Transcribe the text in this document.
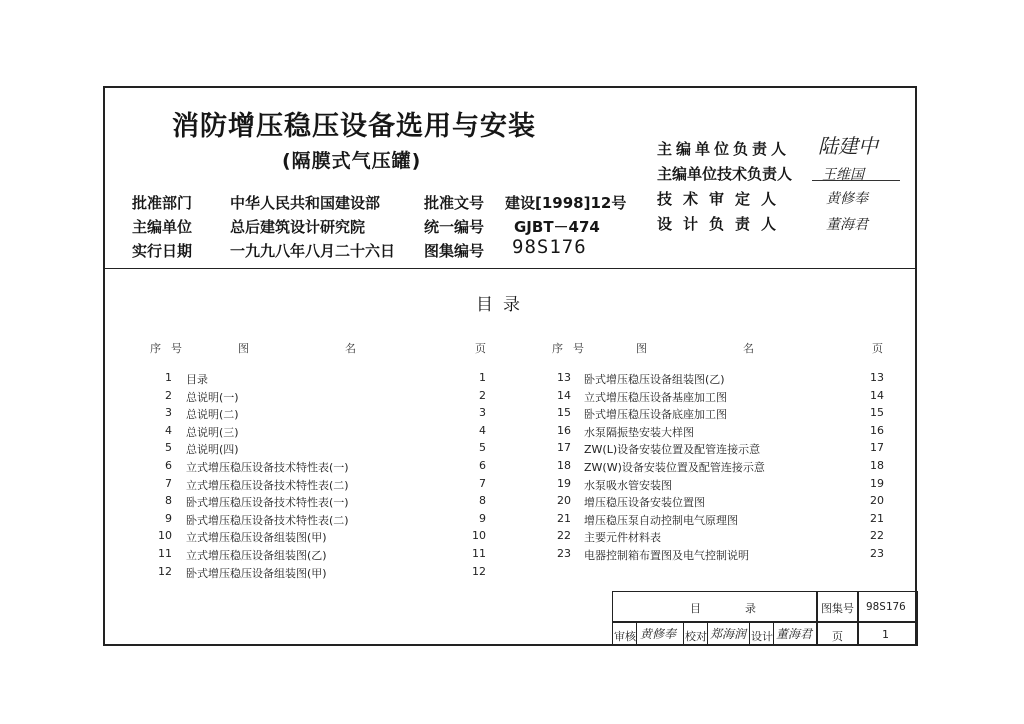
消防增压稳压设备选用与安装
(隔膜式气压罐)
批准部门	中华人民共和国建设部	批准文号 建设[1998]12号
主编单位	总后建筑设计研究院	统一编号 GJBT－474
实行日期	一九九八年八月二十六日 图集编号 98S176
主编单位负责人 陆建中
主编单位技术负责人 王维国
技术审定人	黄修奉
设计负责人	董海君
目录
序号	图名 页	序号	图名 页
1 目录	1
2 总说明(一)	2
3 总说明(二)	3
4 总说明(三)	4
5 总说明(四)	5
6 立式增压稳压设备技术特性表(一)	6
7 立式增压稳压设备技术特性表(二)	7
8 卧式增压稳压设备技术特性表(一)	8
9 卧式增压稳压设备技术特性表(二)	9
10 立式增压稳压设备组装图(甲)	10
11 立式增压稳压设备组装图(乙)	11
12 卧式增压稳压设备组装图(甲)	12
13 卧式增压稳压设备组装图(乙)	13
14 立式增压稳压设备基座加工图	14
15 卧式增压稳压设备底座加工图	15
16 水泵隔振垫安装大样图	16
17 ZW(L)设备安装位置及配管连接示意	17
18 ZW(W)设备安装位置及配管连接示意	18
19 水泵吸水管安装图	19
20 增压稳压设备安装位置图	20
21 增压稳压泵自动控制电气原理图	21
22 主要元件材料表	22
23 电器控制箱布置图及电气控制说明	23
目录 图集号 98S176
审核 黄修奉 校对 郑海润 设计 董海君 页	1
